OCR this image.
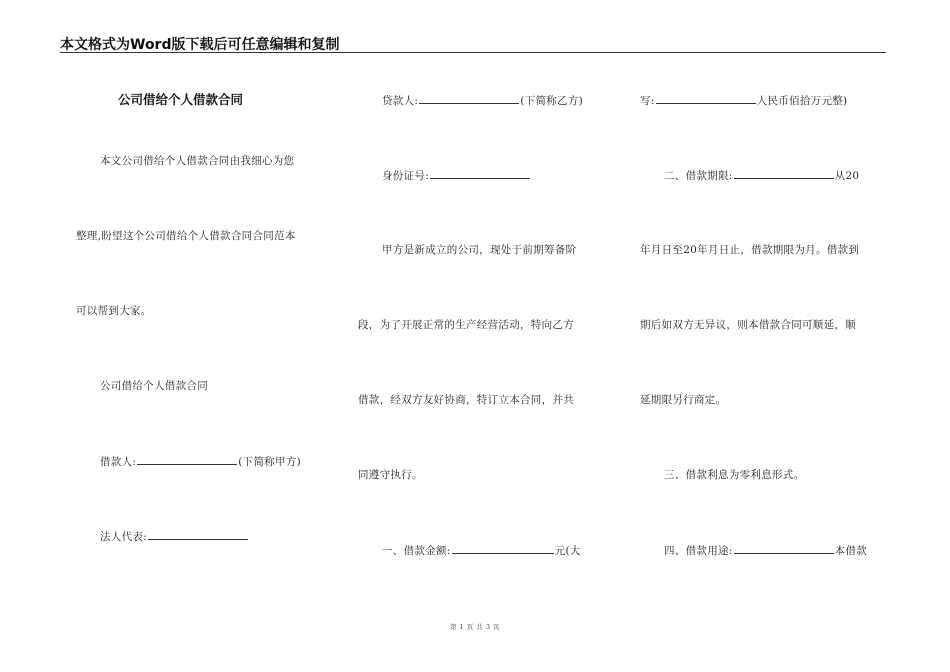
本文格式为Word版下载后可任意编辑和复制
公司借给个人借款合同
本文公司借给个人借款合同由我细心为您
整理,盼望这个公司借给个人借款合同合同范本
可以帮到大家。
公司借给个人借款合同
借款人:	(下简称甲方)
法人代表:
贷款人:	(下简称乙方)
身份证号:
甲方是新成立的公司，现处于前期筹备阶
段，为了开展正常的生产经营活动，特向乙方
借款，经双方友好协商，特订立本合同，并共
同遵守执行。
一、借款金额:	元(大
写:	人民币佰拾万元整)
二、借款期限:	从20
年月日至20年月日止，借款期限为月。借款到
期后如双方无异议，则本借款合同可顺延，顺
延期限另行商定。
三、借款利息为零利息形式。
四、借款用途:	本借款
第 1 页 共 3 页
